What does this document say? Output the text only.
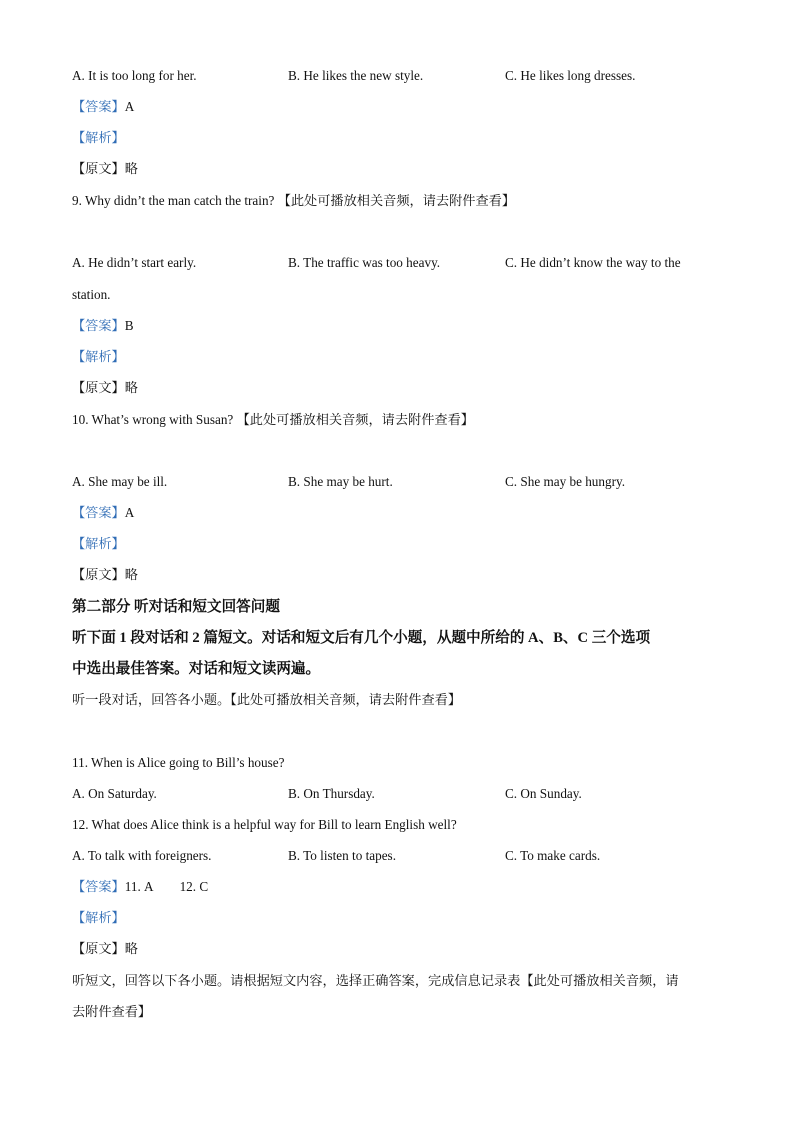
A. It is too long for her.	B. He likes the new style.	C. He likes long dresses.
【答案】A
【解析】
【原文】略
9. Why didn’t the man catch the train? 【此处可播放相关音频，请去附件查看】
A. He didn’t start early.	B. The traffic was too heavy.	C. He didn’t know the way to the
station.
【答案】B
【解析】
【原文】略
10. What’s wrong with Susan? 【此处可播放相关音频，请去附件查看】
A. She may be ill.	B. She may be hurt.	C. She may be hungry.
【答案】A
【解析】
【原文】略
第二部分 听对话和短文回答问题
听下面 1 段对话和 2 篇短文。对话和短文后有几个小题，从题中所给的 A、B、C 三个选项
中选出最佳答案。对话和短文读两遍。
听一段对话，回答各小题。【此处可播放相关音频，请去附件查看】
11. When is Alice going to Bill’s house?
A. On Saturday.	B. On Thursday.	C. On Sunday.
12. What does Alice think is a helpful way for Bill to learn English well?
A. To talk with foreigners.	B. To listen to tapes.	C. To make cards.
【答案】11. A 12. C
【解析】
【原文】略
听短文，回答以下各小题。请根据短文内容，选择正确答案，完成信息记录表【此处可播放相关音频，请
去附件查看】
